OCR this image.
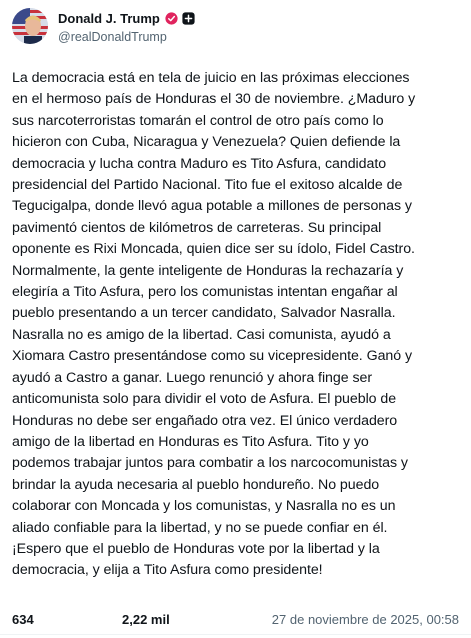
Donald J. Trump
@realDonaldTrump
La democracia está en tela de juicio en las próximas elecciones
en el hermoso país de Honduras el 30 de noviembre. ¿Maduro y
sus narcoterroristas tomarán el control de otro país como lo
hicieron con Cuba, Nicaragua y Venezuela? Quien defiende la
democracia y lucha contra Maduro es Tito Asfura, candidato
presidencial del Partido Nacional. Tito fue el exitoso alcalde de
Tegucigalpa, donde llevó agua potable a millones de personas y
pavimentó cientos de kilómetros de carreteras. Su principal
oponente es Rixi Moncada, quien dice ser su ídolo, Fidel Castro.
Normalmente, la gente inteligente de Honduras la rechazaría y
elegiría a Tito Asfura, pero los comunistas intentan engañar al
pueblo presentando a un tercer candidato, Salvador Nasralla.
Nasralla no es amigo de la libertad. Casi comunista, ayudó a
Xiomara Castro presentándose como su vicepresidente. Ganó y
ayudó a Castro a ganar. Luego renunció y ahora finge ser
anticomunista solo para dividir el voto de Asfura. El pueblo de
Honduras no debe ser engañado otra vez. El único verdadero
amigo de la libertad en Honduras es Tito Asfura. Tito y yo
podemos trabajar juntos para combatir a los narcocomunistas y
brindar la ayuda necesaria al pueblo hondureño. No puedo
colaborar con Moncada y los comunistas, y Nasralla no es un
aliado confiable para la libertad, y no se puede confiar en él.
¡Espero que el pueblo de Honduras vote por la libertad y la
democracia, y elija a Tito Asfura como presidente!
634	2,22 mil	27 de noviembre de 2025, 00:58
